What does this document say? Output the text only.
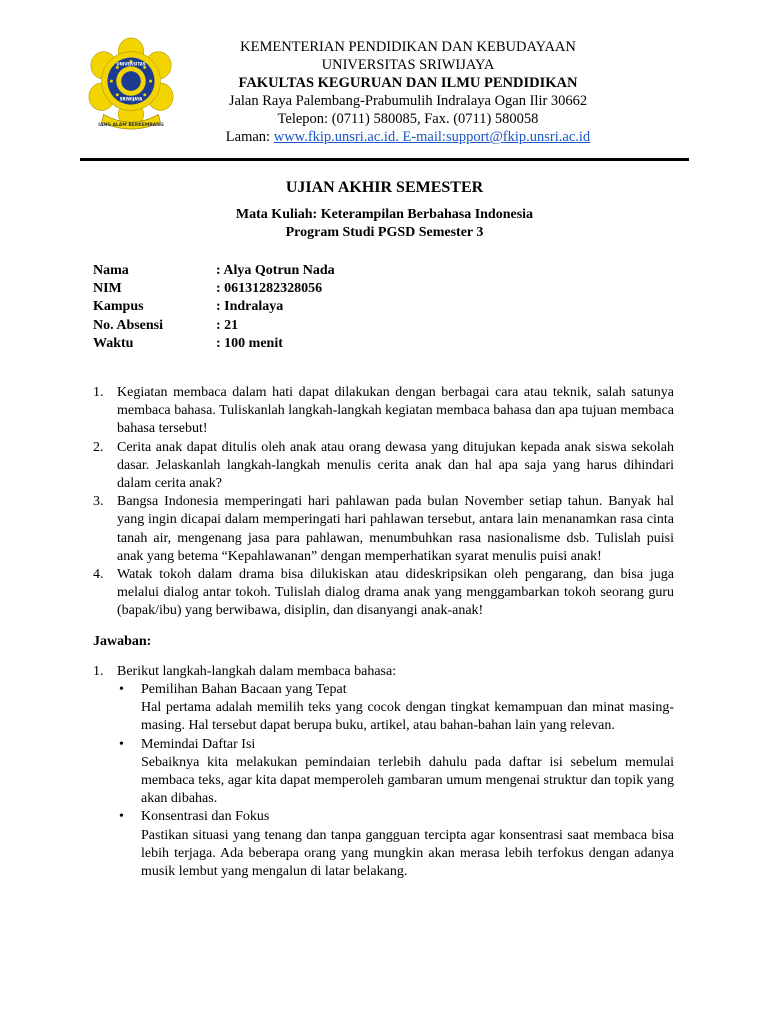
IANG ALAM BERKEMBANG
UNIVERSITAS
SRIWIJAYA
KEMENTERIAN PENDIDIKAN DAN KEBUDAYAAN
UNIVERSITAS SRIWIJAYA
FAKULTAS KEGURUAN DAN ILMU PENDIDIKAN
Jalan Raya Palembang-Prabumulih Indralaya Ogan Ilir 30662
Telepon: (0711) 580085, Fax. (0711) 580058
Laman: www.fkip.unsri.ac.id. E-mail:support@fkip.unsri.ac.id
UJIAN AKHIR SEMESTER
Mata Kuliah: Keterampilan Berbahasa Indonesia
Program Studi PGSD Semester 3
Nama	: Alya Qotrun Nada
NIM	: 06131282328056
Kampus	: Indralaya
No. Absensi	: 21
Waktu	: 100 menit
1. Kegiatan membaca dalam hati dapat dilakukan dengan berbagai cara atau teknik, salah satunya membaca bahasa. Tuliskanlah langkah-langkah kegiatan membaca bahasa dan apa tujuan membaca bahasa tersebut!
2. Cerita anak dapat ditulis oleh anak atau orang dewasa yang ditujukan kepada anak siswa sekolah dasar. Jelaskanlah langkah-langkah menulis cerita anak dan hal apa saja yang harus dihindari dalam cerita anak?
3. Bangsa Indonesia memperingati hari pahlawan pada bulan November setiap tahun. Banyak hal yang ingin dicapai dalam memperingati hari pahlawan tersebut, antara lain menanamkan rasa cinta tanah air, mengenang jasa para pahlawan, menumbuhkan rasa nasionalisme dsb. Tulislah puisi anak yang betema “Kepahlawanan” dengan memperhatikan syarat menulis puisi anak!
4. Watak tokoh dalam drama bisa dilukiskan atau dideskripsikan oleh pengarang, dan bisa juga melalui dialog antar tokoh. Tulislah dialog drama anak yang menggambarkan tokoh seorang guru (bapak/ibu) yang berwibawa, disiplin, dan disanyangi anak-anak!
Jawaban:
1. Berikut langkah-langkah dalam membaca bahasa:
•	Pemilihan Bahan Bacaan yang Tepat
Hal pertama adalah memilih teks yang cocok dengan tingkat kemampuan dan minat masing-masing. Hal tersebut dapat berupa buku, artikel, atau bahan-bahan lain yang relevan.
•	Memindai Daftar Isi
Sebaiknya kita melakukan pemindaian terlebih dahulu pada daftar isi sebelum memulai membaca teks, agar kita dapat memperoleh gambaran umum mengenai struktur dan topik yang akan dibahas.
•	Konsentrasi dan Fokus
Pastikan situasi yang tenang dan tanpa gangguan tercipta agar konsentrasi saat membaca bisa lebih terjaga. Ada beberapa orang yang mungkin akan merasa lebih terfokus dengan adanya musik lembut yang mengalun di latar belakang.
